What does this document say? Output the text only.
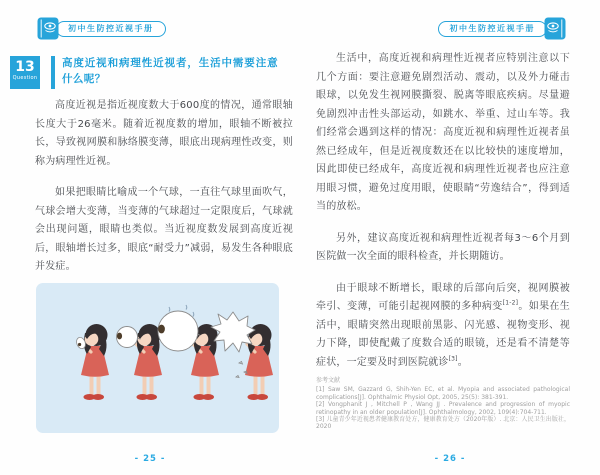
初中生防控近视手册
13
Question
高度近视和病理性近视者，生活中需要注意什么呢？

高度近视是指近视度数大于600度的情况，通常眼轴长度大于26毫米。随着近视度数的增加，眼轴不断被拉长，导致视网膜和脉络膜变薄，眼底出现病理性改变，则称为病理性近视。

如果把眼睛比喻成一个气球，一直往气球里面吹气，气球会增大变薄，当变薄的气球超过一定限度后，气球就会出现问题，眼睛也类似。当近视度数发展到高度近视后，眼轴增长过多，眼底“耐受力”减弱，易发生各种眼底并发症。

- 25 -
初中生防控近视手册

生活中，高度近视和病理性近视者应特别注意以下几个方面：要注意避免剧烈活动、震动，以及外力碰击眼球，以免发生视网膜撕裂、脱离等眼底疾病。尽量避免剧烈冲击性头部运动，如跳水、举重、过山车等。我们经常会遇到这样的情况：高度近视和病理性近视者虽然已经成年，但是近视度数还在以比较快的速度增加，因此即使已经成年，高度近视和病理性近视者也应注意用眼习惯，避免过度用眼，使眼睛“劳逸结合”，得到适当的放松。

另外，建议高度近视和病理性近视者每3～6个月到医院做一次全面的眼科检查，并长期随访。

由于眼球不断增长，眼球的后部向后突，视网膜被牵引、变薄，可能引起视网膜的多种病变[1-2]。如果在生活中，眼睛突然出现眼前黑影、闪光感、视物变形、视力下降，即使配戴了度数合适的眼镜，还是看不清楚等症状，一定要及时到医院就诊[3]。

参考文献

[1] Saw SM, Gazzard G, Shih-Yen EC, et al. Myopia and associated pathological complications[J]. Ophthalmic Physiol Opt, 2005, 25(5): 381-391.

[2] Vongphanit J , Mitchell P , Wang JJ . Prevalence and progression of myopic retinopathy in an older population[J]. Ophthalmology, 2002, 109(4):704-711.

[3] 儿童青少年近视患者健康教育处方，健康教育处方（2020年版）. 北京：人民卫生出版社，2020

- 26 -
